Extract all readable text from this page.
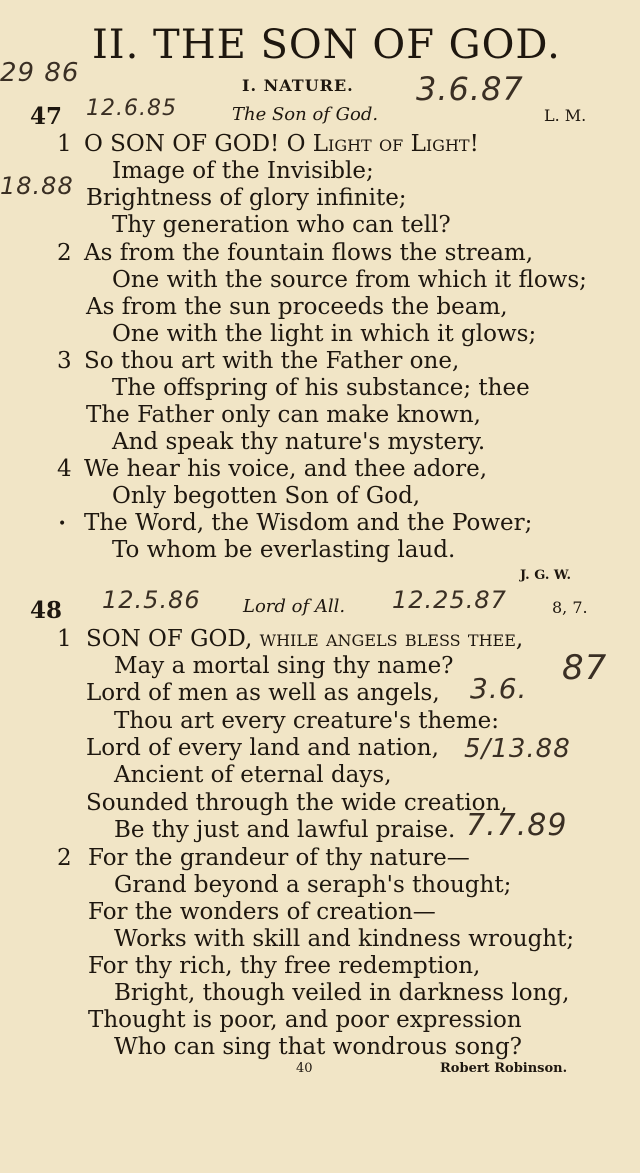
II. THE SON OF GOD.
I. NATURE.
47	The Son of God.	L. M.
1
2
3
4
•
O SON OF GOD! O Light of Light!
Image of the Invisible;
Brightness of glory infinite;
Thy generation who can tell?
As from the fountain flows the stream,
One with the source from which it flows;
As from the sun proceeds the beam,
One with the light in which it glows;
So thou art with the Father one,
The offspring of his substance; thee
The Father only can make known,
And speak thy nature's mystery.
We hear his voice, and thee adore,
Only begotten Son of God,
The Word, the Wisdom and the Power;
To whom be everlasting laud.
J. G. W.
48	Lord of All.	8, 7.
1
2
SON OF GOD, while angels bless thee,
May a mortal sing thy name?
Lord of men as well as angels,
Thou art every creature's theme:
Lord of every land and nation,
Ancient of eternal days,
Sounded through the wide creation,
Be thy just and lawful praise.
For the grandeur of thy nature—
Grand beyond a seraph's thought;
For the wonders of creation—
Works with skill and kindness wrought;
For thy rich, thy free redemption,
Bright, though veiled in darkness long,
Thought is poor, and poor expression
Who can sing that wondrous song?
40	Robert Robinson.
29 86
12.6.85
3.6.87
18.88
12.5.86	12.25.87
87
3.6.
5/13.88
7.7.89
